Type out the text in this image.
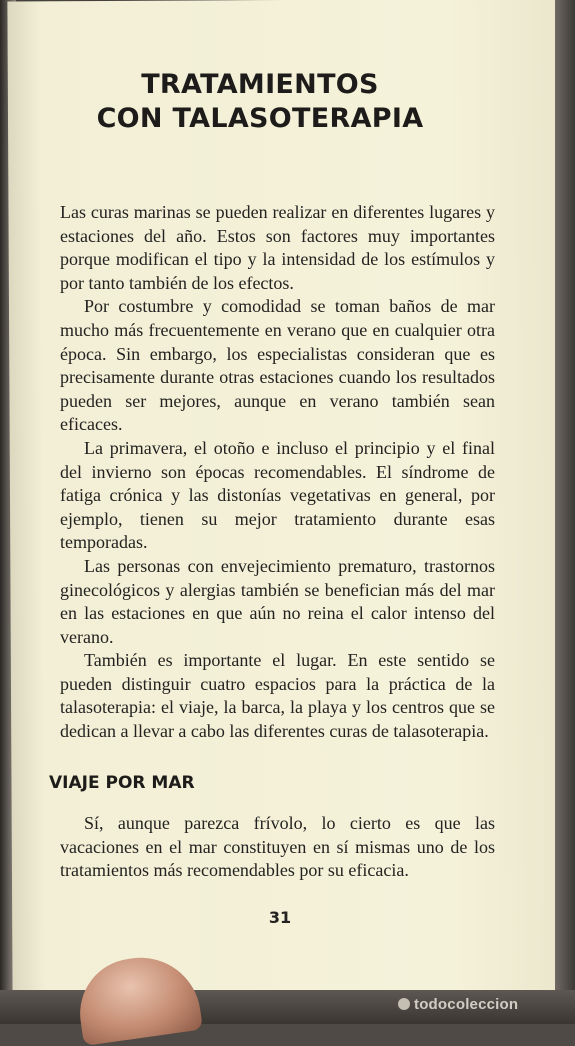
TRATAMIENTOS
CON TALASOTERAPIA

Las curas marinas se pueden realizar en diferentes lugares y estaciones del año. Estos son factores muy importantes porque modifican el tipo y la intensidad de los estímulos y por tanto también de los efectos.

Por costumbre y comodidad se toman baños de mar mucho más frecuentemente en verano que en cualquier otra época. Sin embargo, los especialistas consideran que es precisamente durante otras estaciones cuando los resultados pueden ser mejores, aunque en verano también sean eficaces.

La primavera, el otoño e incluso el principio y el final del invierno son épocas recomendables. El síndrome de fatiga crónica y las distonías vegetativas en general, por ejemplo, tienen su mejor tratamiento durante esas temporadas.

Las personas con envejecimiento prematuro, trastornos ginecológicos y alergias también se benefician más del mar en las estaciones en que aún no reina el calor intenso del verano.

También es importante el lugar. En este sentido se pueden distinguir cuatro espacios para la práctica de la talasoterapia: el viaje, la barca, la playa y los centros que se dedican a llevar a cabo las diferentes curas de talasoterapia.

VIAJE POR MAR

Sí, aunque parezca frívolo, lo cierto es que las vacaciones en el mar constituyen en sí mismas uno de los tratamientos más recomendables por su eficacia.

31
todocoleccion
